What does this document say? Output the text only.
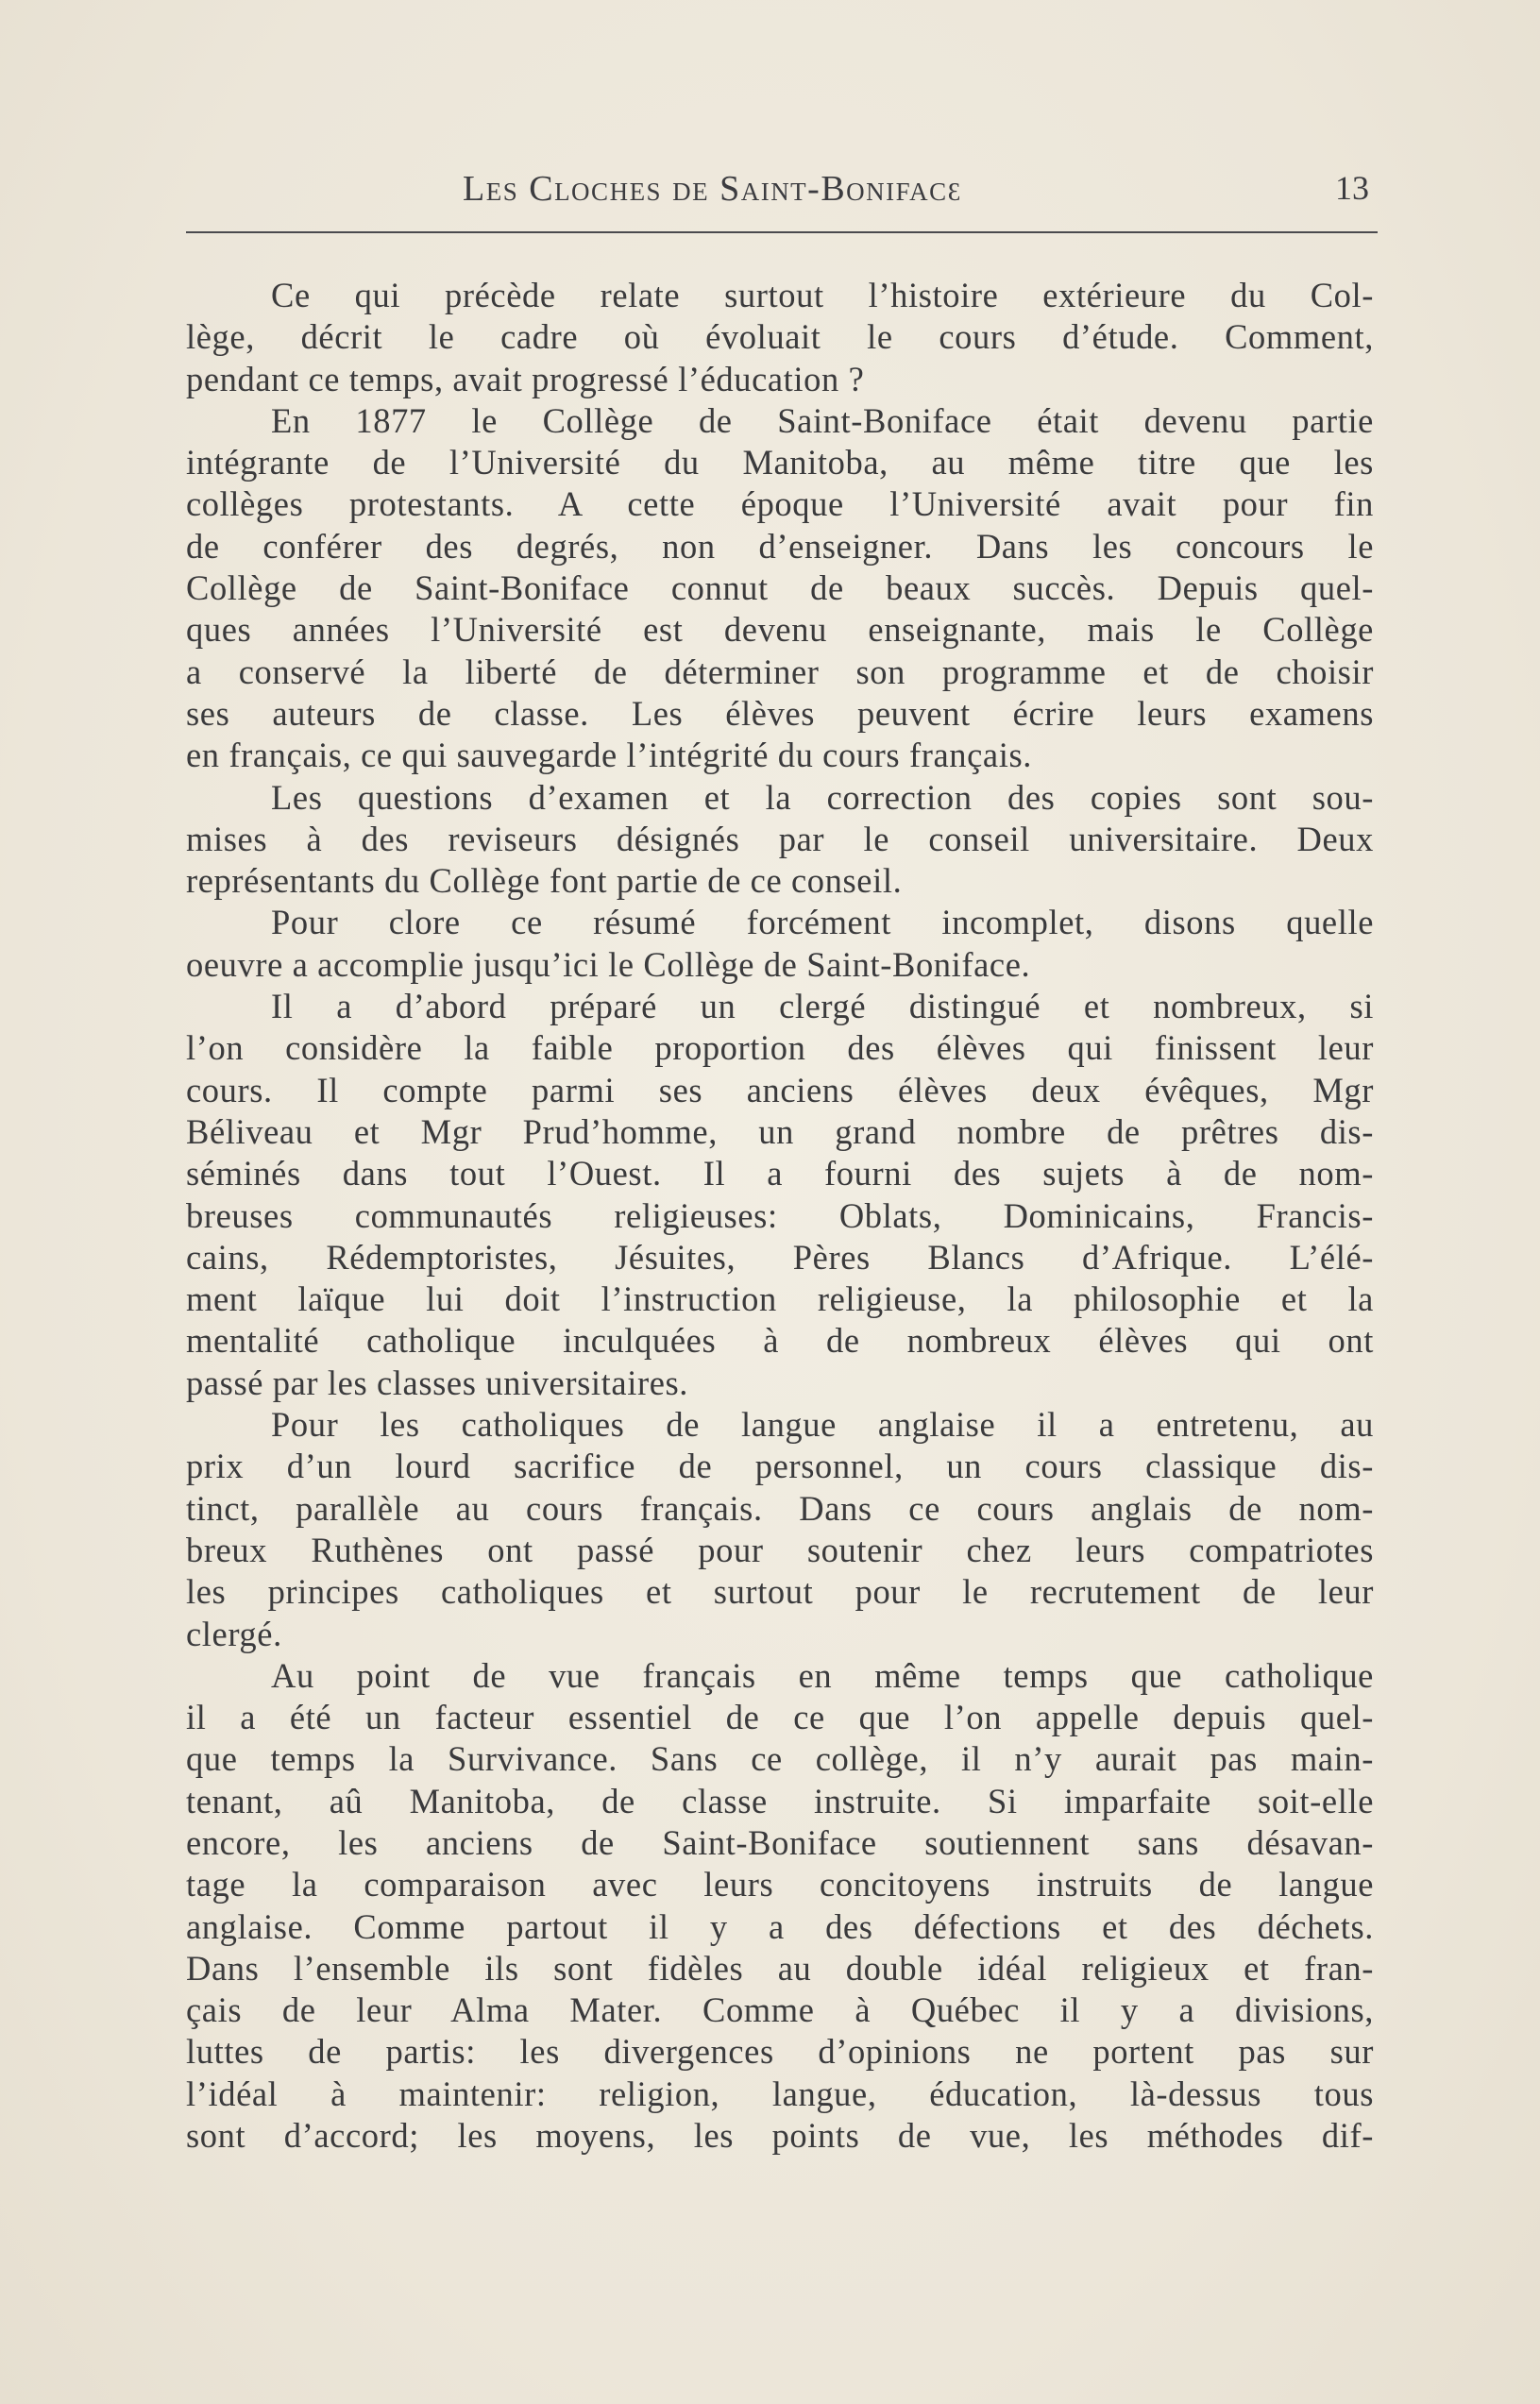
Les Cloches de Saint-Bonifacɛ	13
Ce qui précède relate surtout l’histoire extérieure du Col-
lège, décrit le cadre où évoluait le cours d’étude. Comment,
pendant ce temps, avait progressé l’éducation ?
En 1877 le Collège de Saint-Boniface était devenu partie
intégrante de l’Université du Manitoba, au même titre que les
collèges protestants. A cette époque l’Université avait pour fin
de conférer des degrés, non d’enseigner. Dans les concours le
Collège de Saint-Boniface connut de beaux succès. Depuis quel-
ques années l’Université est devenu enseignante, mais le Collège
a conservé la liberté de déterminer son programme et de choisir
ses auteurs de classe. Les élèves peuvent écrire leurs examens
en français, ce qui sauvegarde l’intégrité du cours français.
Les questions d’examen et la correction des copies sont sou-
mises à des reviseurs désignés par le conseil universitaire. Deux
représentants du Collège font partie de ce conseil.
Pour clore ce résumé forcément incomplet, disons quelle
oeuvre a accomplie jusqu’ici le Collège de Saint-Boniface.
Il a d’abord préparé un clergé distingué et nombreux, si
l’on considère la faible proportion des élèves qui finissent leur
cours. Il compte parmi ses anciens élèves deux évêques, Mgr
Béliveau et Mgr Prud’homme, un grand nombre de prêtres dis-
séminés dans tout l’Ouest. Il a fourni des sujets à de nom-
breuses communautés religieuses: Oblats, Dominicains, Francis-
cains, Rédemptoristes, Jésuites, Pères Blancs d’Afrique. L’élé-
ment laïque lui doit l’instruction religieuse, la philosophie et la
mentalité catholique inculquées à de nombreux élèves qui ont
passé par les classes universitaires.
Pour les catholiques de langue anglaise il a entretenu, au
prix d’un lourd sacrifice de personnel, un cours classique dis-
tinct, parallèle au cours français. Dans ce cours anglais de nom-
breux Ruthènes ont passé pour soutenir chez leurs compatriotes
les principes catholiques et surtout pour le recrutement de leur
clergé.
Au point de vue français en même temps que catholique
il a été un facteur essentiel de ce que l’on appelle depuis quel-
que temps la Survivance. Sans ce collège, il n’y aurait pas main-
tenant, aû Manitoba, de classe instruite. Si imparfaite soit-elle
encore, les anciens de Saint-Boniface soutiennent sans désavan-
tage la comparaison avec leurs concitoyens instruits de langue
anglaise. Comme partout il y a des défections et des déchets.
Dans l’ensemble ils sont fidèles au double idéal religieux et fran-
çais de leur Alma Mater. Comme à Québec il y a divisions,
luttes de partis: les divergences d’opinions ne portent pas sur
l’idéal à maintenir: religion, langue, éducation, là-dessus tous
sont d’accord; les moyens, les points de vue, les méthodes dif-
